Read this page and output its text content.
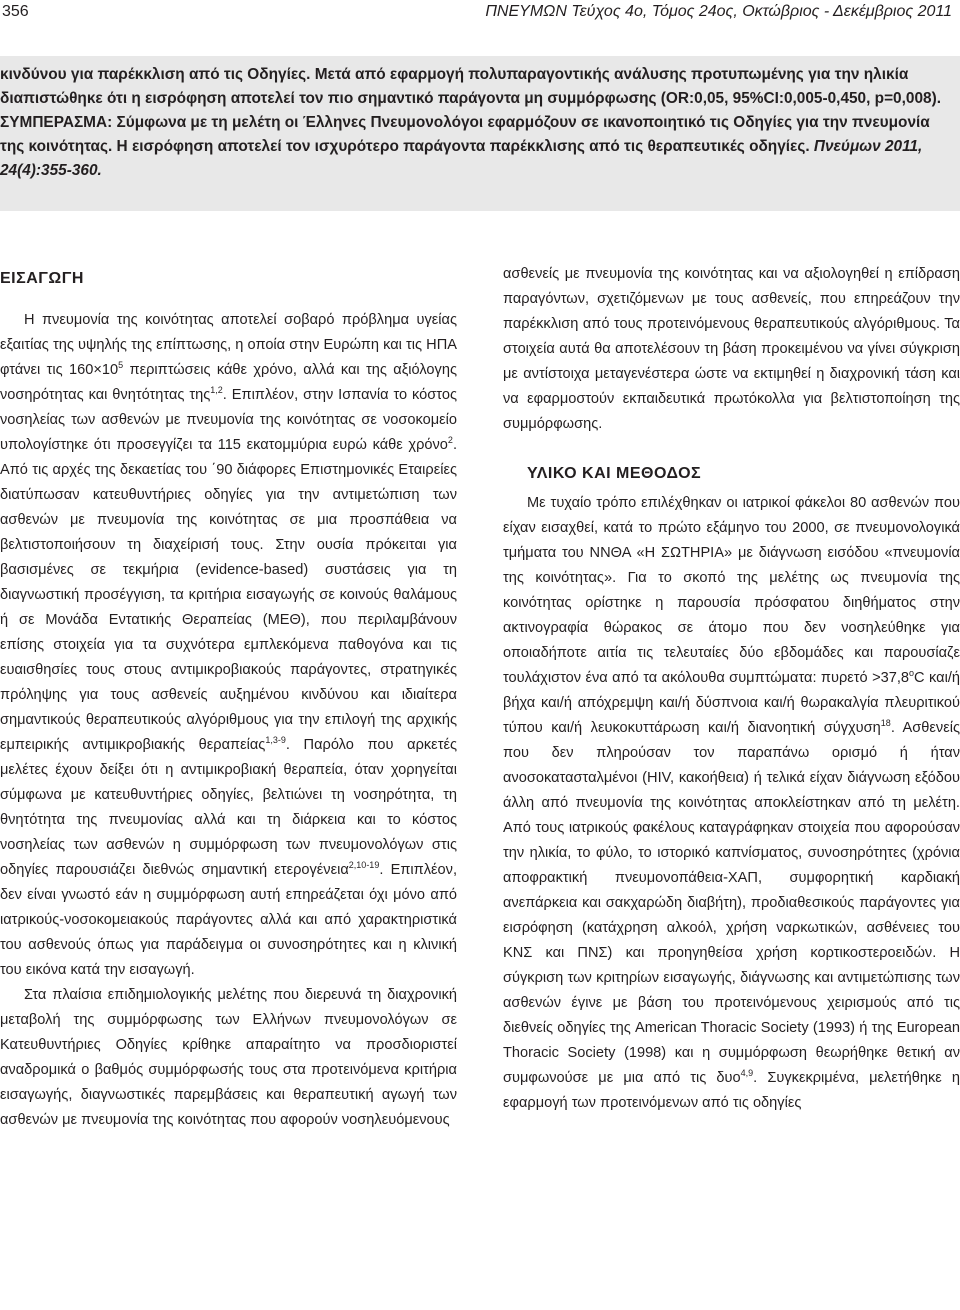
356	ΠΝΕΥΜΩΝ Τεύχος 4ο, Τόμος 24ος, Οκτώβριος - Δεκέμβριος 2011

κινδύνου για παρέκκλιση από τις Οδηγίες. Μετά από εφαρμογή πολυπαραγοντικής ανάλυσης προτυπωμένης για την ηλικία διαπιστώθηκε ότι η εισρόφηση αποτελεί τον πιο σημαντικό παράγοντα μη συμμόρφωσης (OR:0,05, 95%CI:0,005-0,450, p=0,008). ΣΥΜΠΕΡΑΣΜΑ: Σύμφωνα με τη μελέτη οι Έλληνες Πνευμονολόγοι εφαρμόζουν σε ικανοποιητικό τις Οδηγίες για την πνευμονία της κοινότητας. Η εισρόφηση αποτελεί τον ισχυρότερο παράγοντα παρέκκλισης από τις θεραπευτικές οδηγίες. Πνεύμων 2011, 24(4):355-360.

ΕΙΣΑΓΩΓΗ

Η πνευμονία της κοινότητας αποτελεί σοβαρό πρόβλημα υγείας εξαιτίας της υψηλής της επίπτωσης, η οποία στην Ευρώπη και τις ΗΠΑ φτάνει τις $160\times 10^5$ περιπτώσεις κάθε χρόνο, αλλά και της αξιόλογης νοσηρότητας και θνητότητας της$^{1,2}$. Επιπλέον, στην Ισπανία το κόστος νοσηλείας των ασθενών με πνευμονία της κοινότητας σε νοσοκομείο υπολογίστηκε ότι προσεγγίζει τα 115 εκατομμύρια ευρώ κάθε χρόνο$^2$. Από τις αρχές της δεκαετίας του ΄90 διάφορες Επιστημονικές Εταιρείες διατύπωσαν κατευθυντήριες οδηγίες για την αντιμετώπιση των ασθενών με πνευμονία της κοινότητας σε μια προσπάθεια να βελτιστοποιήσουν τη διαχείρισή τους. Στην ουσία πρόκειται για βασισμένες σε τεκμήρια (evidence-based) συστάσεις για τη διαγνωστική προσέγγιση, τα κριτήρια εισαγωγής σε κοινούς θαλάμους ή σε Μονάδα Εντατικής Θεραπείας (ΜΕΘ), που περιλαμβάνουν επίσης στοιχεία για τα συχνότερα εμπλεκόμενα παθογόνα και τις ευαισθησίες τους στους αντιμικροβιακούς παράγοντες, στρατηγικές πρόληψης για τους ασθενείς αυξημένου κινδύνου και ιδιαίτερα σημαντικούς θεραπευτικούς αλγόριθμους για την επιλογή της αρχικής εμπειρικής αντιμικροβιακής θεραπείας$^{1,3-9}$. Παρόλο που αρκετές μελέτες έχουν δείξει ότι η αντιμικροβιακή θεραπεία, όταν χορηγείται σύμφωνα με κατευθυντήριες οδηγίες, βελτιώνει τη νοσηρότητα, τη θνητότητα της πνευμονίας αλλά και τη διάρκεια και το κόστος νοσηλείας των ασθενών η συμμόρφωση των πνευμονολόγων στις οδηγίες παρουσιάζει διεθνώς σημαντική ετερογένεια$^{2,10-19}$. Επιπλέον, δεν είναι γνωστό εάν η συμμόρφωση αυτή επηρεάζεται όχι μόνο από ιατρικούς-νοσοκομειακούς παράγοντες αλλά και από χαρακτηριστικά του ασθενούς όπως για παράδειγμα οι συνοσηρότητες και η κλινική του εικόνα κατά την εισαγωγή.

Στα πλαίσια επιδημιολογικής μελέτης που διερευνά τη διαχρονική μεταβολή της συμμόρφωσης των Ελλήνων πνευμονολόγων σε Κατευθυντήριες Οδηγίες κρίθηκε απαραίτητο να προσδιοριστεί αναδρομικά ο βαθμός συμμόρφωσής τους στα προτεινόμενα κριτήρια εισαγωγής, διαγνωστικές παρεμβάσεις και θεραπευτική αγωγή των ασθενών με πνευμονία της κοινότητας που αφορούν νοσηλευόμενους

ασθενείς με πνευμονία της κοινότητας και να αξιολογηθεί η επίδραση παραγόντων, σχετιζόμενων με τους ασθενείς, που επηρεάζουν την παρέκκλιση από τους προτεινόμενους θεραπευτικούς αλγόριθμους. Τα στοιχεία αυτά θα αποτελέσουν τη βάση προκειμένου να γίνει σύγκριση με αντίστοιχα μεταγενέστερα ώστε να εκτιμηθεί η διαχρονική τάση και να εφαρμοστούν εκπαιδευτικά πρωτόκολλα για βελτιστοποίηση της συμμόρφωσης.

ΥΛΙΚΟ ΚΑΙ ΜΕΘΟΔΟΣ

Με τυχαίο τρόπο επιλέχθηκαν οι ιατρικοί φάκελοι 80 ασθενών που είχαν εισαχθεί, κατά το πρώτο εξάμηνο του 2000, σε πνευμονολογικά τμήματα του ΝΝΘΑ «Η ΣΩΤΗΡΙΑ» με διάγνωση εισόδου «πνευμονία της κοινότητας». Για το σκοπό της μελέτης ως πνευμονία της κοινότητας ορίστηκε η παρουσία πρόσφατου διηθήματος στην ακτινογραφία θώρακος σε άτομο που δεν νοσηλεύθηκε για οποιαδήποτε αιτία τις τελευταίες δύο εβδομάδες και παρουσίαζε τουλάχιστον ένα από τα ακόλουθα συμπτώματα: $\pi\upsilon\rho\varepsilon\tau ό >37,8^oC$ και/ή βήχα και/ή απόχρεμψη και/ή δύσπνοια και/ή θωρακαλγία πλευριτικού τύπου και/ή λευκοκυττάρωση και/ή διανοητική σύγχυση$^{18}$. Ασθενείς που δεν πληρούσαν τον παραπάνω ορισμό ή ήταν ανοσοκατασταλμένοι (HIV, κακοήθεια) ή τελικά είχαν διάγνωση εξόδου άλλη από πνευμονία της κοινότητας αποκλείστηκαν από τη μελέτη. Από τους ιατρικούς φακέλους καταγράφηκαν στοιχεία που αφορούσαν την ηλικία, το φύλο, το ιστορικό καπνίσματος, συνοσηρότητες (χρόνια αποφρακτική πνευμονοπάθεια-ΧΑΠ, συμφορητική καρδιακή ανεπάρκεια και σακχαρώδη διαβήτη), προδιαθεσικούς παράγοντες για εισρόφηση (κατάχρηση αλκοόλ, χρήση ναρκωτικών, ασθένειες του ΚΝΣ και ΠΝΣ) και προηγηθείσα χρήση κορτικοστεροειδών. Η σύγκριση των κριτηρίων εισαγωγής, διάγνωσης και αντιμετώπισης των ασθενών έγινε με βάση του προτεινόμενους χειρισμούς από τις διεθνείς οδηγίες της American Thoracic Society (1993) ή της European Thoracic Society (1998) και η συμμόρφωση θεωρήθηκε θετική αν συμφωνούσε με μια από τις δυο$^{4,9}$. Συγκεκριμένα, μελετήθηκε η εφαρμογή των προτεινόμενων από τις οδηγίες
